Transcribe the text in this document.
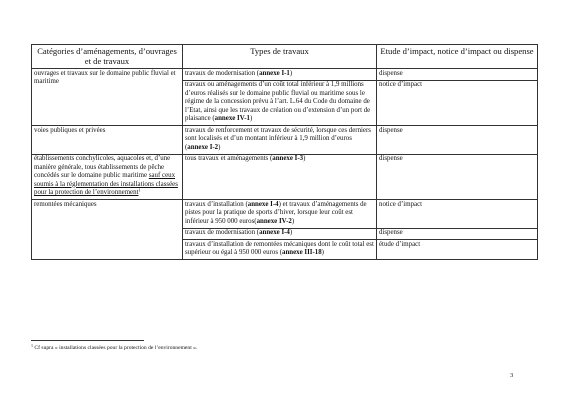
Catégories d’aménagements, d’ouvrages et de travaux	Types de travaux	Etude d’impact, notice d’impact ou dispense
ouvrages et travaux sur le domaine public fluvial et maritime	travaux de modernisation (annexe I-1)	dispense
	travaux ou aménagements d’un coût total inférieur à 1,9 millions d’euros réalisés sur le domaine public fluvial ou maritime sous le régime de la concession prévu à l’art. L.64 du Code du domaine de l’Etat, ainsi que les travaux de création ou d’extension d’un port de plaisance (annexe IV-1)	notice d’impact
voies publiques et privées	travaux de renforcement et travaux de sécurité, lorsque ces derniers sont localisés et d’un montant inférieur à 1,9 million d’euros (annexe I-2)	dispense
établissements conchylicoles, aquacoles et, d’une manière générale, tous établissements de pêche concédés sur le domaine public maritime sauf ceux soumis à la réglementation des installations classées pour la protection de l’environnement$^1$	tous travaux et aménagements (annexe I-3)	dispense
remontées mécaniques	travaux d’installation (annexe I-4) et travaux d’aménagements de pistes pour la pratique de sports d’hiver, lorsque leur coût est inférieur à 950 000 euros(annexe IV-2)	notice d’impact
	travaux de modernisation (annexe I-4)	dispense
	travaux d’installation de remontées mécaniques dont le coût total est supérieur ou égal à 950 000 euros (annexe III-18)	étude d’impact
$^1$ Cf supra « installations classées pour la protection de l’environnement ».
3
